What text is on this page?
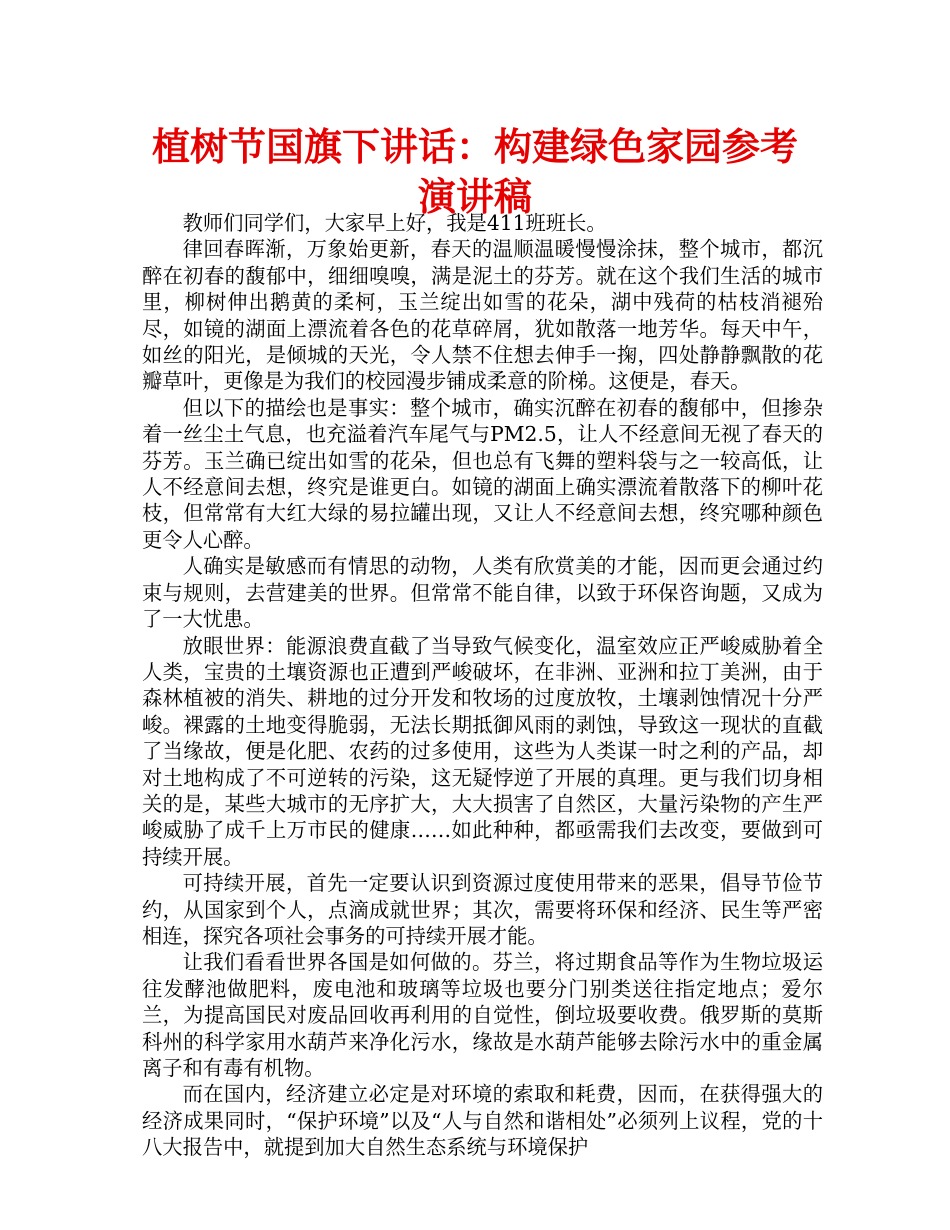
植树节国旗下讲话：构建绿色家园参考演讲稿

教师们同学们，大家早上好，我是411班班长。

律回春晖渐，万象始更新，春天的温顺温暖慢慢涂抹，整个城市，都沉醉在初春的馥郁中，细细嗅嗅，满是泥土的芬芳。就在这个我们生活的城市里，柳树伸出鹅黄的柔柯，玉兰绽出如雪的花朵，湖中残荷的枯枝消褪殆尽，如镜的湖面上漂流着各色的花草碎屑，犹如散落一地芳华。每天中午，如丝的阳光，是倾城的天光，令人禁不住想去伸手一掬，四处静静飘散的花瓣草叶，更像是为我们的校园漫步铺成柔意的阶梯。这便是，春天。

但以下的描绘也是事实：整个城市，确实沉醉在初春的馥郁中，但掺杂着一丝尘土气息，也充溢着汽车尾气与PM2.5，让人不经意间无视了春天的芬芳。玉兰确已绽出如雪的花朵，但也总有飞舞的塑料袋与之一较高低，让人不经意间去想，终究是谁更白。如镜的湖面上确实漂流着散落下的柳叶花枝，但常常有大红大绿的易拉罐出现，又让人不经意间去想，终究哪种颜色更令人心醉。

人确实是敏感而有情思的动物，人类有欣赏美的才能，因而更会通过约束与规则，去营建美的世界。但常常不能自律，以致于环保咨询题，又成为了一大忧患。

放眼世界：能源浪费直截了当导致气候变化，温室效应正严峻威胁着全人类，宝贵的土壤资源也正遭到严峻破坏，在非洲、亚洲和拉丁美洲，由于森林植被的消失、耕地的过分开发和牧场的过度放牧，土壤剥蚀情况十分严峻。裸露的土地变得脆弱，无法长期抵御风雨的剥蚀，导致这一现状的直截了当缘故，便是化肥、农药的过多使用，这些为人类谋一时之利的产品，却对土地构成了不可逆转的污染，这无疑悖逆了开展的真理。更与我们切身相关的是，某些大城市的无序扩大，大大损害了自然区，大量污染物的产生严峻威胁了成千上万市民的健康……如此种种，都亟需我们去改变，要做到可持续开展。

可持续开展，首先一定要认识到资源过度使用带来的恶果，倡导节俭节约，从国家到个人，点滴成就世界；其次，需要将环保和经济、民生等严密相连，探究各项社会事务的可持续开展才能。

让我们看看世界各国是如何做的。芬兰，将过期食品等作为生物垃圾运往发酵池做肥料，废电池和玻璃等垃圾也要分门别类送往指定地点；爱尔兰，为提高国民对废品回收再利用的自觉性，倒垃圾要收费。俄罗斯的莫斯科州的科学家用水葫芦来净化污水，缘故是水葫芦能够去除污水中的重金属离子和有毒有机物。

而在国内，经济建立必定是对环境的索取和耗费，因而，在获得强大的经济成果同时，“保护环境”以及“人与自然和谐相处”必须列上议程，党的十八大报告中，就提到加大自然生态系统与环境保护
